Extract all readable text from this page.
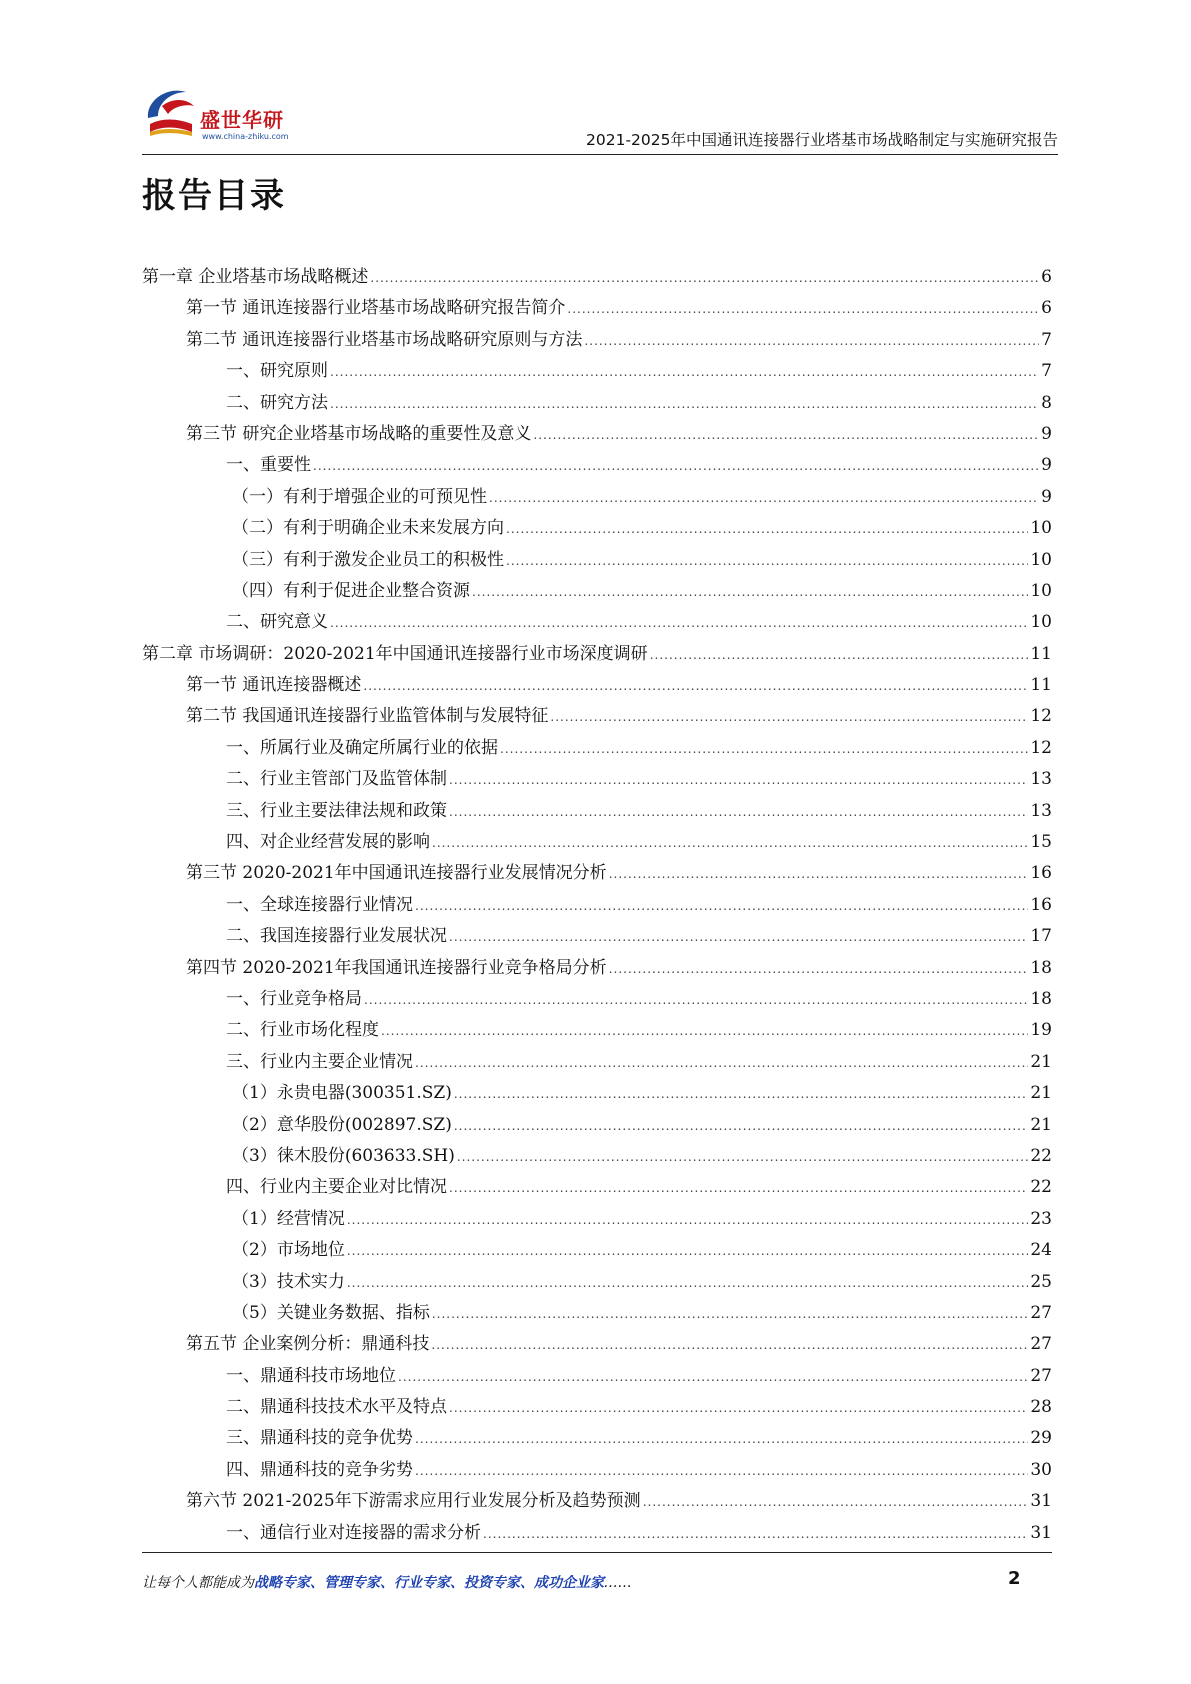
盛世华研
www.china-zhiku.com	2021-2025年中国通讯连接器行业塔基市场战略制定与实施研究报告
报告目录
第一章 企业塔基市场战略概述 .....	6
第一节 通讯连接器行业塔基市场战略研究报告简介 .....	6
第二节 通讯连接器行业塔基市场战略研究原则与方法 .....	7
一、研究原则 .....	7
二、研究方法 .....	8
第三节 研究企业塔基市场战略的重要性及意义 .....	9
一、重要性 .....	9
（一）有利于增强企业的可预见性 .....	9
（二）有利于明确企业未来发展方向 .....	10
（三）有利于激发企业员工的积极性 .....	10
（四）有利于促进企业整合资源 .....	10
二、研究意义 .....	10
第二章 市场调研：2020-2021年中国通讯连接器行业市场深度调研 .....	11
第一节 通讯连接器概述 .....	11
第二节 我国通讯连接器行业监管体制与发展特征 .....	12
一、所属行业及确定所属行业的依据 .....	12
二、行业主管部门及监管体制 .....	13
三、行业主要法律法规和政策 .....	13
四、对企业经营发展的影响 .....	15
第三节 2020-2021年中国通讯连接器行业发展情况分析 .....	16
一、全球连接器行业情况 .....	16
二、我国连接器行业发展状况 .....	17
第四节 2020-2021年我国通讯连接器行业竞争格局分析 .....	18
一、行业竞争格局 .....	18
二、行业市场化程度 .....	19
三、行业内主要企业情况 .....	21
（1）永贵电器(300351.SZ) .....	21
（2）意华股份(002897.SZ) .....	21
（3）徕木股份(603633.SH) .....	22
四、行业内主要企业对比情况 .....	22
（1）经营情况 .....	23
（2）市场地位 .....	24
（3）技术实力 .....	25
（5）关键业务数据、指标 .....	27
第五节 企业案例分析：鼎通科技 .....	27
一、鼎通科技市场地位 .....	27
二、鼎通科技技术水平及特点 .....	28
三、鼎通科技的竞争优势 .....	29
四、鼎通科技的竞争劣势 .....	30
第六节 2021-2025年下游需求应用行业发展分析及趋势预测 .....	31
一、通信行业对连接器的需求分析 .....	31
让每个人都能成为战略专家、管理专家、行业专家、投资专家、成功企业家……	2
